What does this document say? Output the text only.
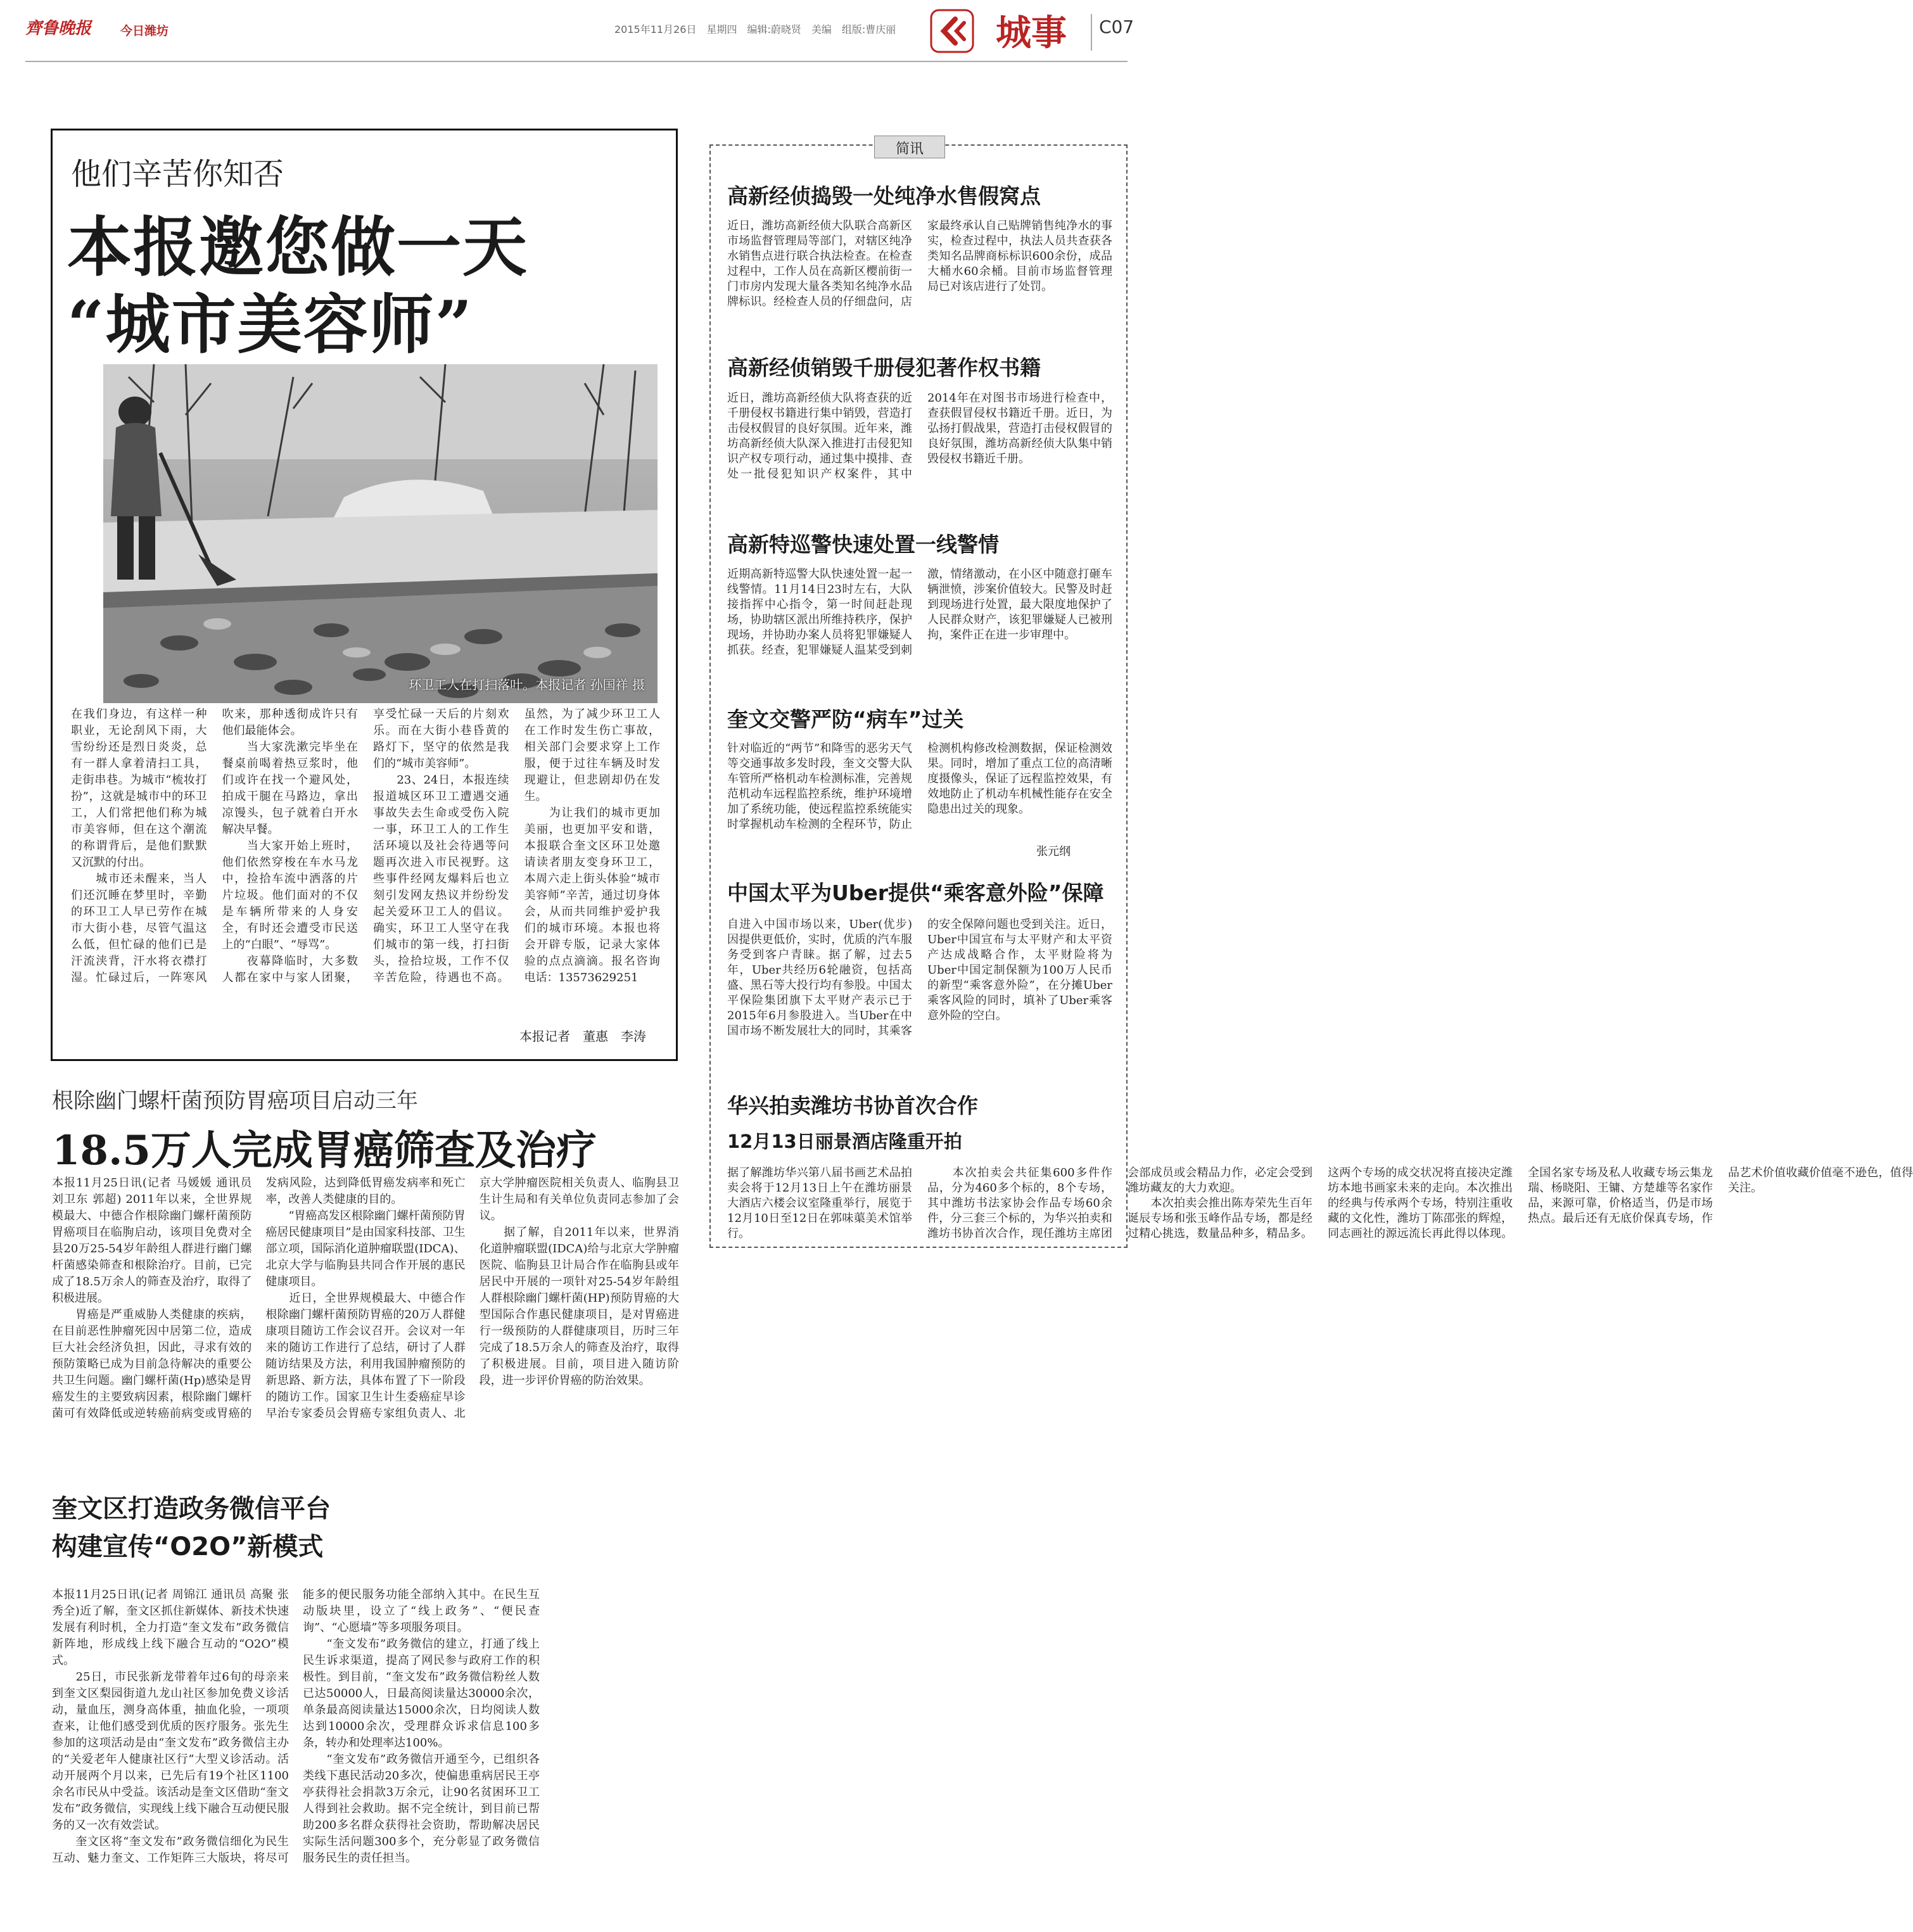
齊鲁晚报 今日潍坊	2015年11月26日　星期四　编辑:蔚晓贤　美编　组版:曹庆丽	城事 C07
他们辛苦你知否
本报邀您做一天
“城市美容师”
环卫工人在打扫落叶。本报记者 孙国祥 摄
在我们身边，有这样一种职业，无论刮风下雨，大雪纷纷还是烈日炎炎，总有一群人拿着清扫工具，走街串巷。为城市“梳妆打扮”，这就是城市中的环卫工，人们常把他们称为城市美容师，但在这个潮流的称谓背后，是他们默默又沉默的付出。
　　城市还未醒来，当人们还沉睡在梦里时，辛勤的环卫工人早已劳作在城市大街小巷，尽管气温这么低，但忙碌的他们已是汗流浃背，汗水将衣襟打湿。忙碌过后，一阵寒风吹来，那种透彻成许只有他们最能体会。
　　当大家洗漱完毕坐在餐桌前喝着热豆浆时，他们或许在找一个避风处，拍成干腿在马路边，拿出凉馒头，包子就着白开水解决早餐。
　　当大家开始上班时，他们依然穿梭在车水马龙中，捡拾车流中洒落的片片垃圾。他们面对的不仅是车辆所带来的人身安全，有时还会遭受市民送上的“白眼”、“辱骂”。
　　夜幕降临时，大多数人都在家中与家人团聚，享受忙碌一天后的片刻欢乐。而在大街小巷昏黄的路灯下，坚守的依然是我们的“城市美容师”。
　　23、24日，本报连续报道城区环卫工遭遇交通事故失去生命或受伤入院一事，环卫工人的工作生活环境以及社会待遇等问题再次进入市民视野。这些事件经网友爆料后也立刻引发网友热议并纷纷发起关爱环卫工人的倡议。确实，环卫工人坚守在我们城市的第一线，打扫街头，捡拾垃圾，工作不仅辛苦危险，待遇也不高。虽然，为了减少环卫工人在工作时发生伤亡事故，相关部门会要求穿上工作服，便于过往车辆及时发现避让，但悲剧却仍在发生。
　　为让我们的城市更加美丽，也更加平安和谐，本报联合奎文区环卫处邀请读者朋友变身环卫工，本周六走上街头体验“城市美容师”辛苦，通过切身体会，从而共同维护爱护我们的城市环境。本报也将会开辟专版，记录大家体验的点点滴滴。报名咨询电话：13573629251
本报记者　董惠　李涛
根除幽门螺杆菌预防胃癌项目启动三年
18.5万人完成胃癌筛查及治疗
本报11月25日讯(记者 马媛媛 通讯员 刘卫东 郭超) 2011年以来，全世界规模最大、中德合作根除幽门螺杆菌预防胃癌项目在临朐启动，该项目免费对全县20万25-54岁年龄组人群进行幽门螺杆菌感染筛查和根除治疗。目前，已完成了18.5万余人的筛查及治疗，取得了积极进展。
　　胃癌是严重威胁人类健康的疾病，在目前恶性肿瘤死因中居第二位，造成巨大社会经济负担，因此，寻求有效的预防策略已成为目前急待解决的重要公共卫生问题。幽门螺杆菌(Hp)感染是胃癌发生的主要致病因素，根除幽门螺杆菌可有效降低或逆转癌前病变或胃癌的发病风险，达到降低胃癌发病率和死亡率，改善人类健康的目的。
　　“胃癌高发区根除幽门螺杆菌预防胃癌居民健康项目”是由国家科技部、卫生部立项，国际消化道肿瘤联盟(IDCA)、北京大学与临朐县共同合作开展的惠民健康项目。
　　近日，全世界规模最大、中德合作根除幽门螺杆菌预防胃癌的20万人群健康项目随访工作会议召开。会议对一年来的随访工作进行了总结，研讨了人群随访结果及方法，利用我国肿瘤预防的新思路、新方法，具体布置了下一阶段的随访工作。国家卫生计生委癌症早诊早治专家委员会胃癌专家组负责人、北京大学肿瘤医院相关负责人、临朐县卫生计生局和有关单位负责同志参加了会议。
　　据了解，自2011年以来，世界消化道肿瘤联盟(IDCA)给与北京大学肿瘤医院、临朐县卫计局合作在临朐县或年居民中开展的一项针对25-54岁年龄组人群根除幽门螺杆菌(HP)预防胃癌的大型国际合作惠民健康项目，是对胃癌进行一级预防的人群健康项目，历时三年完成了18.5万余人的筛查及治疗，取得了积极进展。目前，项目进入随访阶段，进一步评价胃癌的防治效果。
奎文区打造政务微信平台
构建宣传“O2O”新模式
本报11月25日讯(记者 周锦江 通讯员 高聚 张秀全)近了解，奎文区抓住新媒体、新技术快速发展有利时机，全力打造“奎文发布”政务微信新阵地，形成线上线下融合互动的“O2O”模式。
　　25日，市民张新龙带着年过6旬的母亲来到奎文区梨园街道九龙山社区参加免费义诊活动，量血压，测身高体重，抽血化验，一项项查来，让他们感受到优质的医疗服务。张先生参加的这项活动是由“奎文发布”政务微信主办的“关爱老年人健康社区行”大型义诊活动。活动开展两个月以来，已先后有19个社区1100余名市民从中受益。该活动是奎文区借助“奎文发布”政务微信，实现线上线下融合互动便民服务的又一次有效尝试。
　　奎文区将“奎文发布”政务微信细化为民生互动、魅力奎文、工作矩阵三大版块，将尽可能多的便民服务功能全部纳入其中。在民生互动版块里，设立了“线上政务”、“便民查询”、“心愿墙”等多项服务项目。
　　“奎文发布”政务微信的建立，打通了线上民生诉求渠道，提高了网民参与政府工作的积极性。到目前，“奎文发布”政务微信粉丝人数已达50000人，日最高阅读量达30000余次，单条最高阅读量达15000余次，日均阅读人数达到10000余次，受理群众诉求信息100多条，转办和处理率达100%。
　　“奎文发布”政务微信开通至今，已组织各类线下惠民活动20多次，使偏患重病居民王亭亭获得社会捐款3万余元，让90名贫困环卫工人得到社会救助。据不完全统计，到目前已帮助200多名群众获得社会资助，帮助解决居民实际生活问题300多个，充分彰显了政务微信服务民生的责任担当。
简讯
高新经侦捣毁一处纯净水售假窝点
近日，潍坊高新经侦大队联合高新区市场监督管理局等部门，对辖区纯净水销售点进行联合执法检查。在检查过程中，工作人员在高新区樱前街一门市房内发现大量各类知名纯净水品牌标识。经检查人员的仔细盘问，店家最终承认自己贴牌销售纯净水的事实，检查过程中，执法人员共查获各类知名品牌商标标识600余份，成品大桶水60余桶。目前市场监督管理局已对该店进行了处罚。
高新经侦销毁千册侵犯著作权书籍
近日，潍坊高新经侦大队将查获的近千册侵权书籍进行集中销毁，营造打击侵权假冒的良好氛围。近年来，潍坊高新经侦大队深入推进打击侵犯知识产权专项行动，通过集中摸排、查处一批侵犯知识产权案件，其中2014年在对图书市场进行检查中，查获假冒侵权书籍近千册。近日，为弘扬打假战果，营造打击侵权假冒的良好氛围，潍坊高新经侦大队集中销毁侵权书籍近千册。
高新特巡警快速处置一线警情
近期高新特巡警大队快速处置一起一线警情。11月14日23时左右，大队接指挥中心指令，第一时间赶赴现场，协助辖区派出所维持秩序，保护现场，并协助办案人员将犯罪嫌疑人抓获。经查，犯罪嫌疑人温某受到刺激，情绪激动，在小区中随意打砸车辆泄愤，涉案价值较大。民警及时赶到现场进行处置，最大限度地保护了人民群众财产，该犯罪嫌疑人已被刑拘，案件正在进一步审理中。
奎文交警严防“病车”过关
针对临近的“两节”和降雪的恶劣天气等交通事故多发时段，奎文交警大队车管所严格机动车检测标准，完善规范机动车远程监控系统，维护环境增加了系统功能，使远程监控系统能实时掌握机动车检测的全程环节，防止检测机构修改检测数据，保证检测效果。同时，增加了重点工位的高清晰度摄像头，保证了远程监控效果，有效地防止了机动车机械性能存在安全隐患出过关的现象。
张元纲
中国太平为Uber提供“乘客意外险”保障
自进入中国市场以来，Uber(优步)因提供更低价，实时，优质的汽车服务受到客户青睐。据了解，过去5年，Uber共经历6轮融资，包括高盛、黑石等大投行均有参股。中国太平保险集团旗下太平财产表示已于2015年6月参股进入。当Uber在中国市场不断发展壮大的同时，其乘客的安全保障问题也受到关注。近日，Uber中国宣布与太平财产和太平资产达成战略合作，太平财险将为Uber中国定制保额为100万人民币的新型“乘客意外险”，在分摊Uber乘客风险的同时，填补了Uber乘客意外险的空白。
华兴拍卖潍坊书协首次合作
12月13日丽景酒店隆重开拍
据了解潍坊华兴第八届书画艺术品拍卖会将于12月13日上午在潍坊丽景大酒店六楼会议室隆重举行，展览于12月10日至12日在郭味蕖美术馆举行。
　　本次拍卖会共征集600多件作品，分为460多个标的，8个专场，其中潍坊书法家协会作品专场60余件，分三套三个标的，为华兴拍卖和潍坊书协首次合作，现任潍坊主席团会部成员或会精品力作，必定会受到潍坊藏友的大力欢迎。
　　本次拍卖会推出陈寿荣先生百年诞辰专场和张玉峰作品专场，都是经过精心挑选，数量品种多，精品多。这两个专场的成交状况将直接决定潍坊本地书画家未来的走向。本次推出的经典与传承两个专场，特别注重收藏的文化性，潍坊丁陈邵张的辉煌，同志画社的源远流长再此得以体现。全国名家专场及私人收藏专场云集龙瑞、杨晓阳、王镛、方楚雄等名家作品，来源可靠，价格适当，仍是市场热点。最后还有无底价保真专场，作品艺术价值收藏价值毫不逊色，值得关注。
